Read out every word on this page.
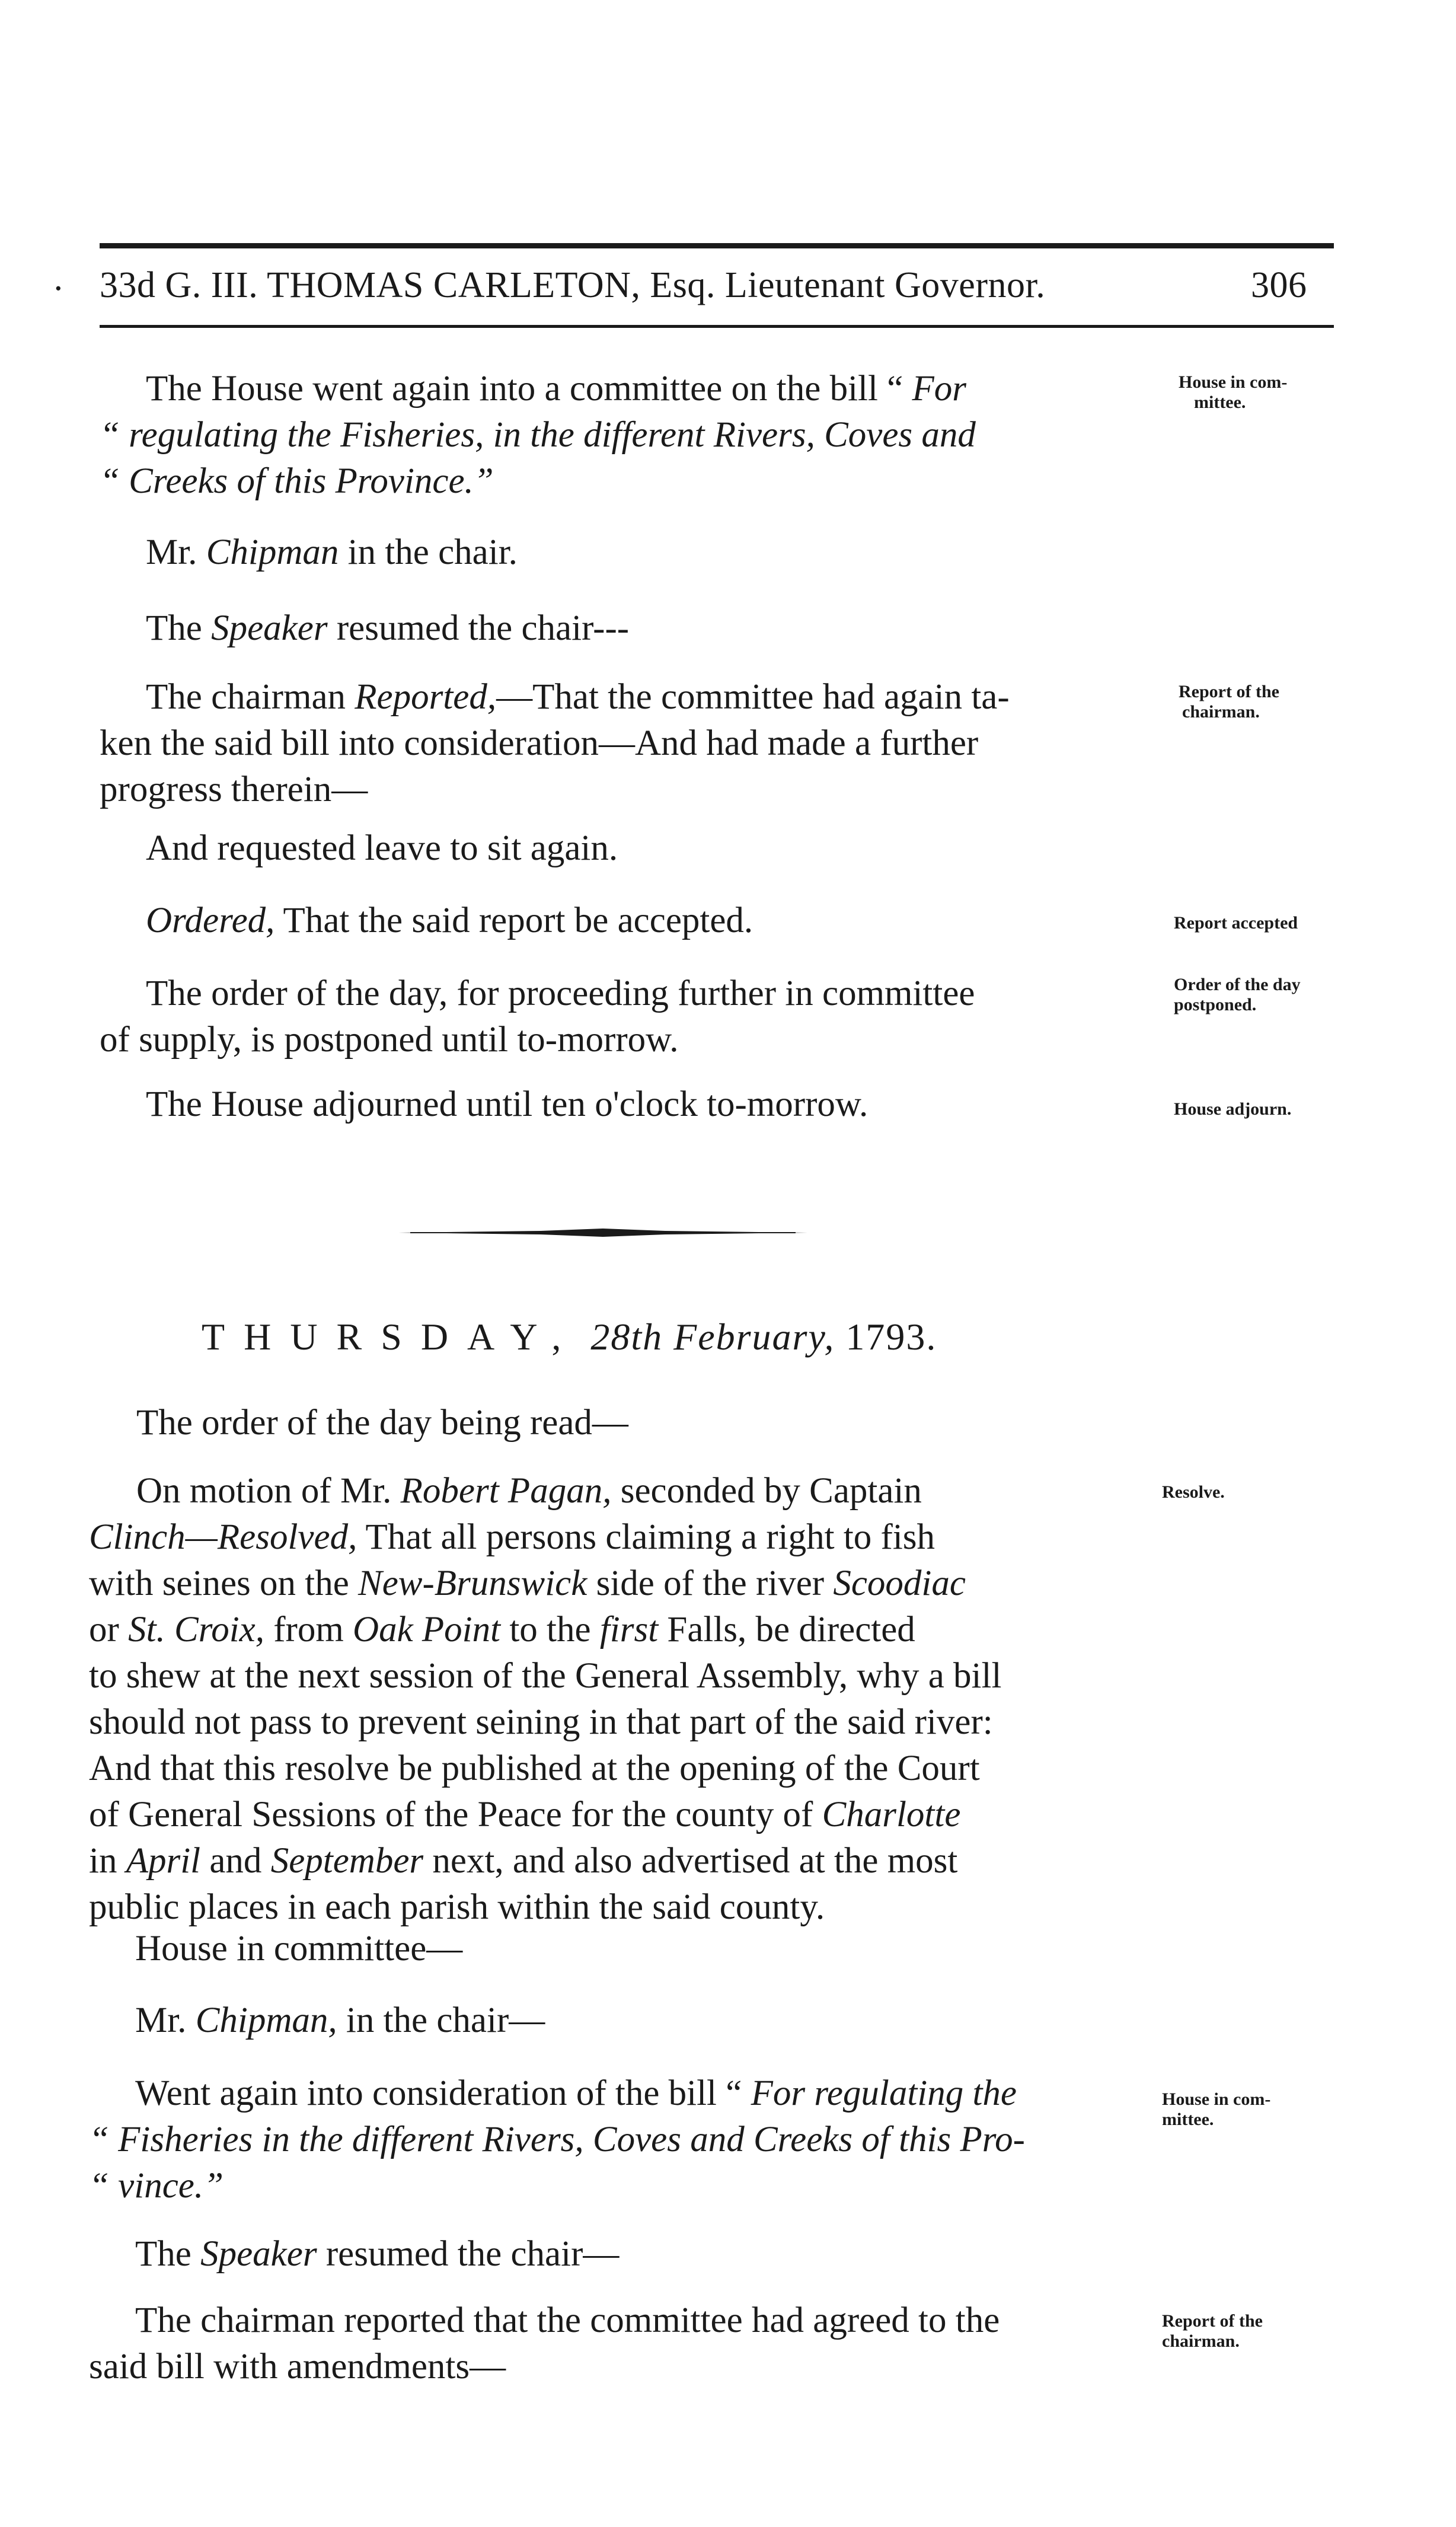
· 33d G. III. THOMAS CARLETON, Esq. Lieutenant Governor.	306
The House went again into a committee on the bill “ For
“ regulating the Fisheries, in the different Rivers, Coves and
“ Creeks of this Province.”
Mr. Chipman in the chair.
The Speaker resumed the chair---
The chairman Reported,—That the committee had again ta-
ken the said bill into consideration—And had made a further
progress therein—
And requested leave to sit again.
Ordered, That the said report be accepted.
The order of the day, for proceeding further in committee
of supply, is postponed until to-morrow.
The House adjourned until ten o'clock to-morrow.
THURSDAY, 28th February, 1793.
The order of the day being read—
On motion of Mr. Robert Pagan, seconded by Captain
Clinch—Resolved, That all persons claiming a right to fish
with seines on the New-Brunswick side of the river Scoodiac
or St. Croix, from Oak Point to the first Falls, be directed
to shew at the next session of the General Assembly, why a bill
should not pass to prevent seining in that part of the said river:
And that this resolve be published at the opening of the Court
of General Sessions of the Peace for the county of Charlotte
in April and September next, and also advertised at the most
public places in each parish within the said county.
House in committee—
Mr. Chipman, in the chair—
Went again into consideration of the bill “ For regulating the
“ Fisheries in the different Rivers, Coves and Creeks of this Pro-
“ vince.”
The Speaker resumed the chair—
The chairman reported that the committee had agreed to the
said bill with amendments—
House in com-
mittee.
Report of the
chairman.
Report accepted
Order of the day
postponed.
House adjourn.
Resolve.
House in com-
mittee.
Report of the
chairman.
